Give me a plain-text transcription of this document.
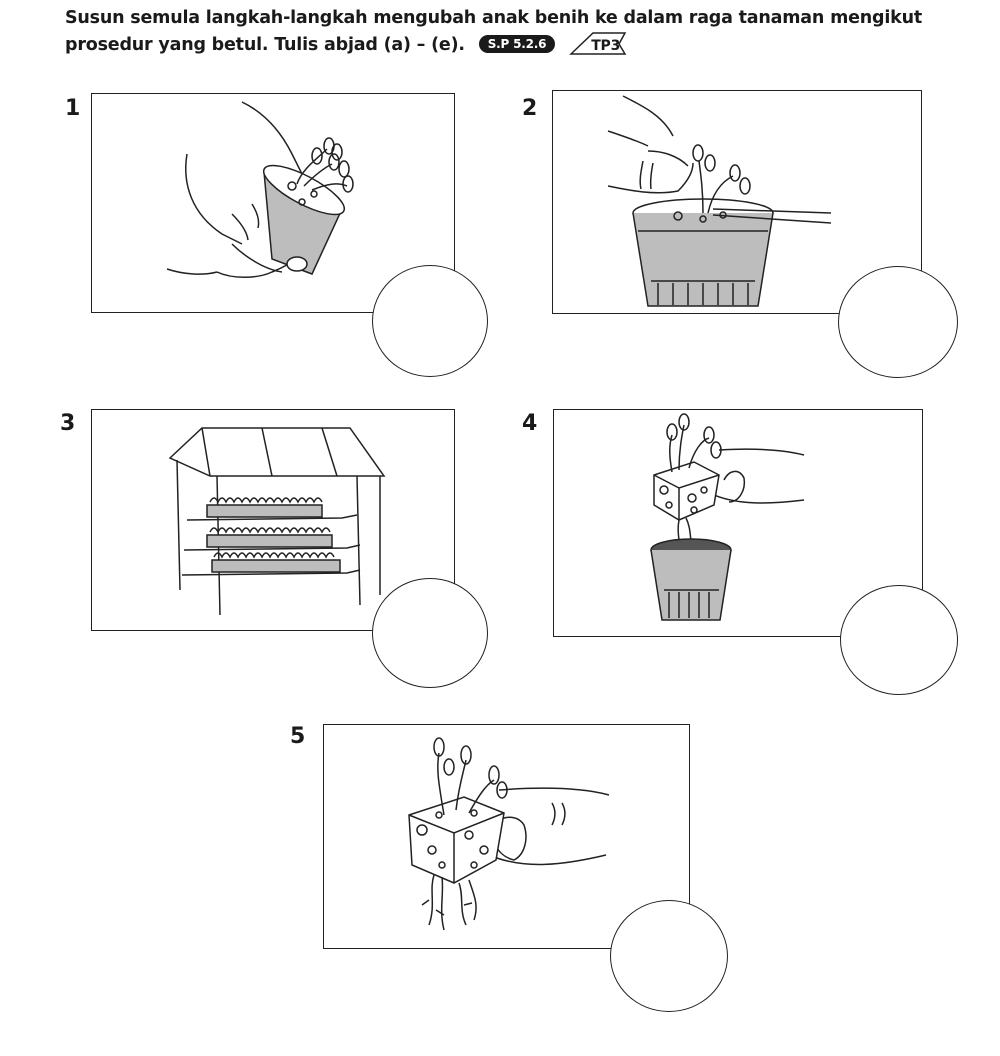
Susun semula langkah-langkah mengubah anak benih ke dalam raga tanaman mengikut
prosedur yang betul. Tulis abjad (a) – (e). S.P 5.2.6	TP3
1	2
3	4
5
